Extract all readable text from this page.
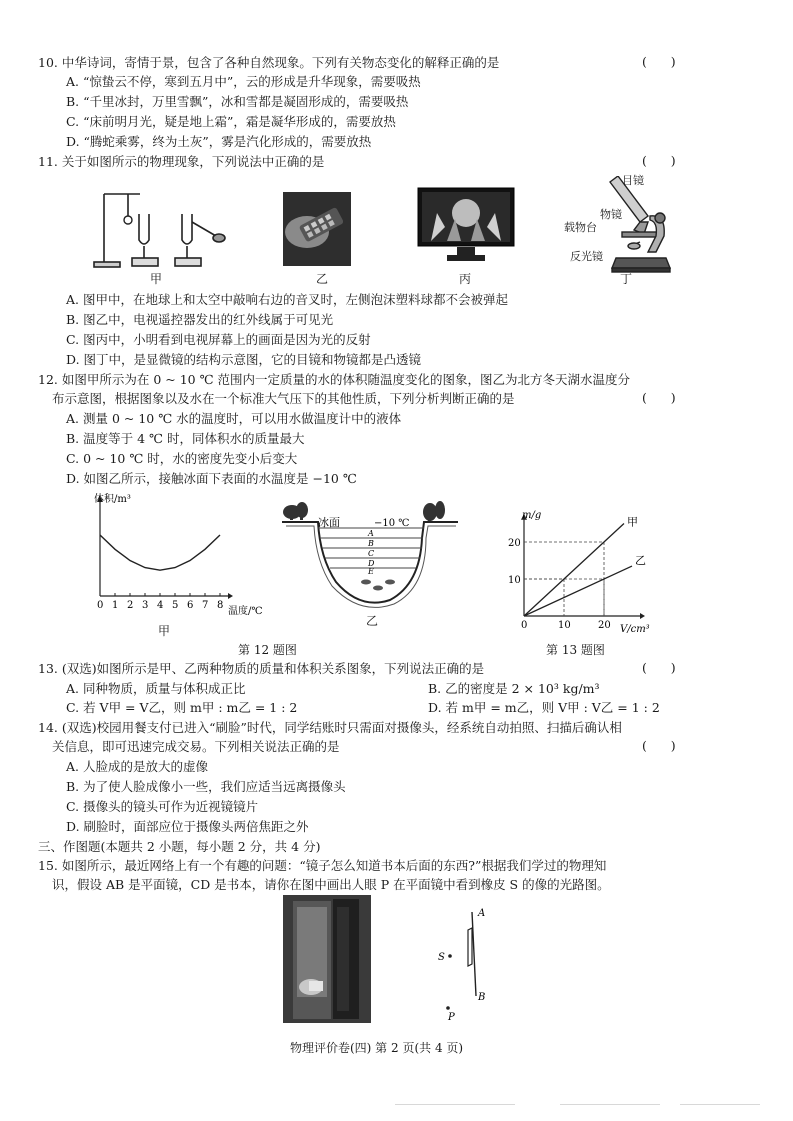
10. 中华诗词，寄情于景，包含了各种自然现象。下列有关物态变化的解释正确的是	(      )
A. “惊蛰云不停，寒到五月中”，云的形成是升华现象，需要吸热
B. “千里冰封，万里雪飘”，冰和雪都是凝固形成的，需要吸热
C. “床前明月光，疑是地上霜”，霜是凝华形成的，需要放热
D. “腾蛇乘雾，终为土灰”，雾是汽化形成的，需要放热
11. 关于如图所示的物理现象，下列说法中正确的是	(      )
甲	乙	丙
目镜
物镜
载物台
反光镜
丁
A. 图甲中，在地球上和太空中敲响右边的音叉时，左侧泡沫塑料球都不会被弹起
B. 图乙中，电视遥控器发出的红外线属于可见光
C. 图丙中，小明看到电视屏幕上的画面是因为光的反射
D. 图丁中，是显微镜的结构示意图，它的目镜和物镜都是凸透镜
12. 如图甲所示为在 0 ~ 10 ℃ 范围内一定质量的水的体积随温度变化的图象，图乙为北方冬天湖水温度分
布示意图，根据图象以及水在一个标准大气压下的其他性质，下列分析判断正确的是	(      )
A. 测量 0 ~ 10 ℃ 水的温度时，可以用水做温度计中的液体
B. 温度等于 4 ℃ 时，同体积水的质量最大
C. 0 ~ 10 ℃ 时，水的密度先变小后变大
D. 如图乙所示，接触冰面下表面的水温度是 −10 ℃
0 1 2 3 4 5 6 7 8
体积/m³
温度/℃
甲
冰面	−10 ℃
A
B
C
D
E
乙	0	10	20
10
20
甲
乙
m/g
V/cm³
第 12 题图	第 13 题图
13. (双选)如图所示是甲、乙两种物质的质量和体积关系图象，下列说法正确的是	(      )
A. 同种物质，质量与体积成正比	B. 乙的密度是 2 × 10³ kg/m³
C. 若 V甲 = V乙，则 m甲 : m乙 = 1 : 2	D. 若 m甲 = m乙，则 V甲 : V乙 = 1 : 2
14. (双选)校园用餐支付已进入“刷脸”时代，同学结账时只需面对摄像头，经系统自动拍照、扫描后确认相
关信息，即可迅速完成交易。下列相关说法正确的是	(      )
A. 人脸成的是放大的虚像
B. 为了使人脸成像小一些，我们应适当远离摄像头
C. 摄像头的镜头可作为近视镜镜片
D. 刷脸时，面部应位于摄像头两倍焦距之外
三、作图题(本题共 2 小题，每小题 2 分，共 4 分)
15. 如图所示，最近网络上有一个有趣的问题：“镜子怎么知道书本后面的东西?”根据我们学过的物理知
识，假设 AB 是平面镜，CD 是书本，请你在图中画出人眼 P 在平面镜中看到橡皮 S 的像的光路图。
A
B
S
P
物理评价卷(四) 第 2 页(共 4 页)
